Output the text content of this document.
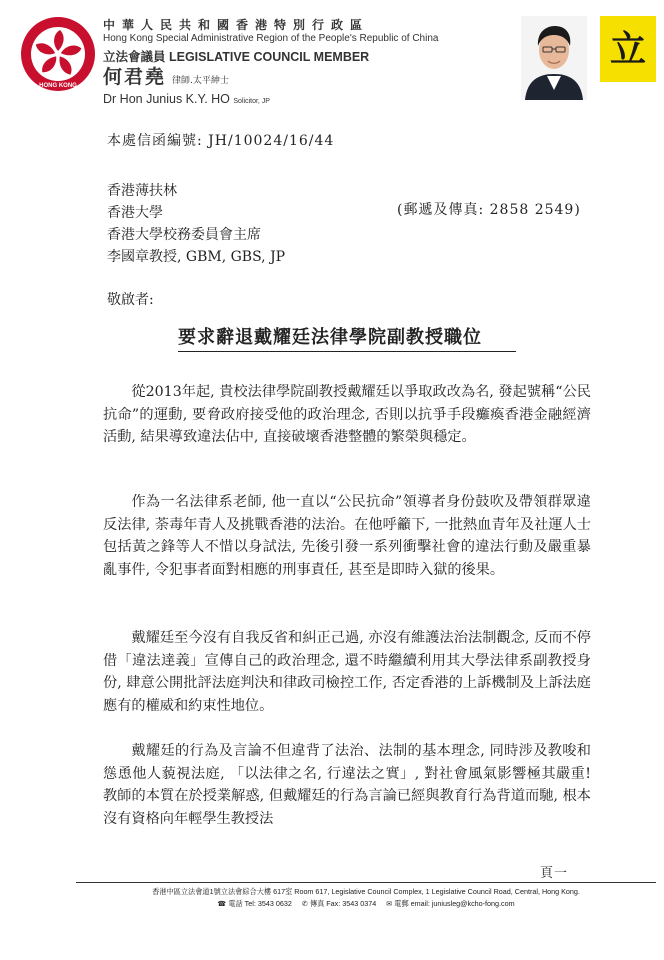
HONG KONG
中華人民共和國香港特別行政區
Hong Kong Special Administrative Region of the People's Republic of China
立法會議員 LEGISLATIVE COUNCIL MEMBER
何君堯 律師.太平紳士
Dr Hon Junius K.Y. HO Solicitor, JP
立
本處信函編號: JH/10024/16/44
香港薄扶林
香港大學
香港大學校務委員會主席
李國章教授, GBM, GBS, JP
(郵遞及傳真: 2858 2549)
敬啟者:
要求辭退戴耀廷法律學院副教授職位

從2013年起, 貴校法律學院副教授戴耀廷以爭取政改為名, 發起號稱“公民抗命”的運動, 要脅政府接受他的政治理念, 否則以抗爭手段癱瘓香港金融經濟活動, 結果導致違法佔中, 直接破壞香港整體的繁榮與穩定。

作為一名法律系老師, 他一直以“公民抗命”領導者身份鼓吹及帶領群眾違反法律, 荼毒年青人及挑戰香港的法治。在他呼籲下, 一批熱血青年及社運人士包括黃之鋒等人不惜以身試法, 先後引發一系列衝擊社會的違法行動及嚴重暴亂事件, 令犯事者面對相應的刑事責任, 甚至是即時入獄的後果。

戴耀廷至今沒有自我反省和糾正己過, 亦沒有維護法治法制觀念, 反而不停借「違法達義」宣傳自己的政治理念, 還不時繼續利用其大學法律系副教授身份, 肆意公開批評法庭判決和律政司檢控工作, 否定香港的上訴機制及上訴法庭應有的權威和約束性地位。

戴耀廷的行為及言論不但違背了法治、法制的基本理念, 同時涉及教唆和慫恿他人藐視法庭, 「以法律之名, 行違法之實」, 對社會風氣影響極其嚴重! 教師的本質在於授業解惑, 但戴耀廷的行為言論已經與教育行為背道而馳, 根本沒有資格向年輕學生教授法

頁一
香港中區立法會道1號立法會綜合大樓 617室 Room 617, Legislative Council Complex, 1 Legislative Council Road, Central, Hong Kong.
☎ 電話 Tel: 3543 0632 ✆ 傳真 Fax: 3543 0374 ✉ 電郵 email: juniusleg@kcho-fong.com
